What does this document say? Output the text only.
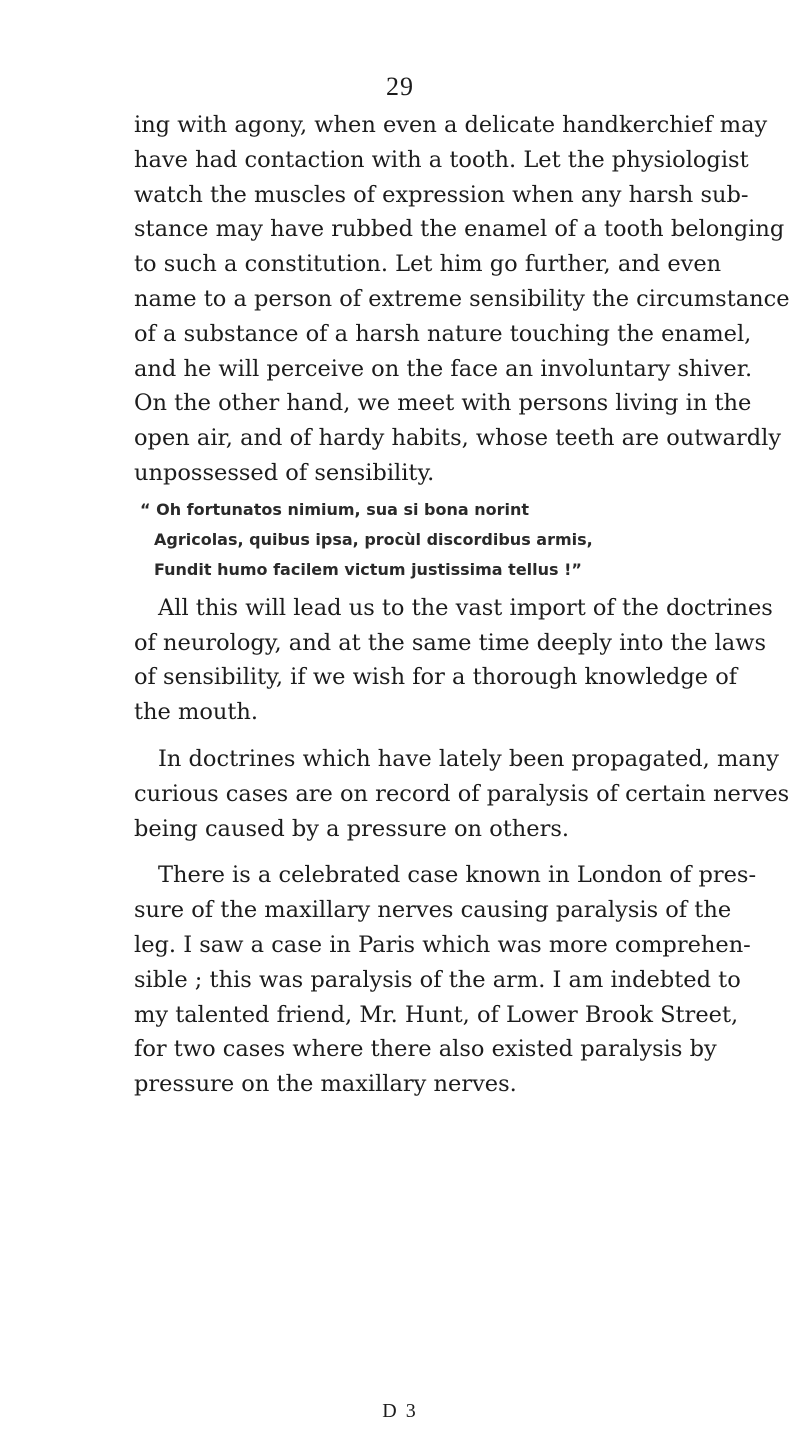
29

ing with agony, when even a delicate handkerchief may

have had contaction with a tooth. Let the physiologist

watch the muscles of expression when any harsh sub-

stance may have rubbed the enamel of a tooth belonging

to such a constitution. Let him go further, and even

name to a person of extreme sensibility the circumstance

of a substance of a harsh nature touching the enamel,

and he will perceive on the face an involuntary shiver.

On the other hand, we meet with persons living in the

open air, and of hardy habits, whose teeth are outwardly

unpossessed of sensibility.

“ Oh fortunatos nimium, sua si bona norint
Agricolas, quibus ipsa, procùl discordibus armis,
Fundit humo facilem victum justissima tellus !”

All this will lead us to the vast import of the doctrines

of neurology, and at the same time deeply into the laws

of sensibility, if we wish for a thorough knowledge of

the mouth.

In doctrines which have lately been propagated, many

curious cases are on record of paralysis of certain nerves

being caused by a pressure on others.

There is a celebrated case known in London of pres-

sure of the maxillary nerves causing paralysis of the

leg. I saw a case in Paris which was more comprehen-

sible ; this was paralysis of the arm. I am indebted to

my talented friend, Mr. Hunt, of Lower Brook Street,

for two cases where there also existed paralysis by

pressure on the maxillary nerves.

D 3
